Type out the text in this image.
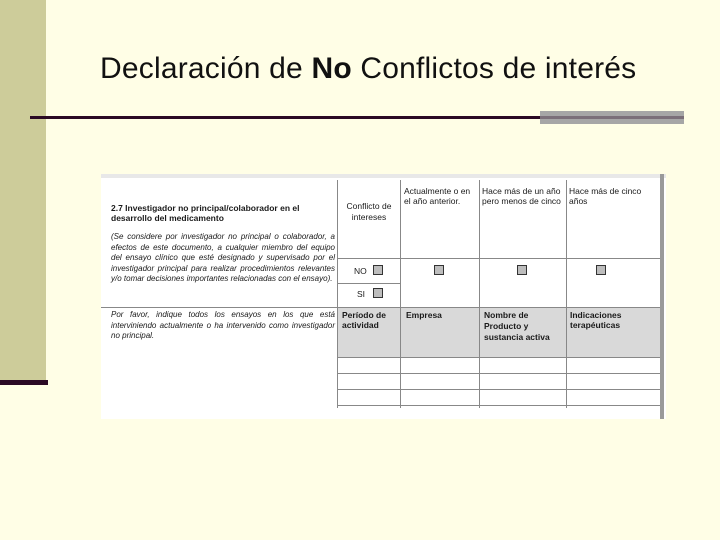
Declaración de No Conflictos de interés
2.7 Investigador no principal/colaborador en el desarrollo del medicamento
(Se considere por investigador no principal o colaborador, a efectos de este documento, a cualquier miembro del equipo del ensayo clínico que esté designado y supervisado por el investigador principal para realizar procedimientos relevantes y/o tomar decisiones importantes relacionadas con el ensayo).
Por favor, indique todos los ensayos en los que está interviniendo actualmente o ha intervenido como investigador no principal.
Conflicto de intereses
Actualmente o en el año anterior.
Hace más de un año pero menos de cinco
Hace más de cinco años
NO
SI
Período de actividad
Empresa	Nombre de Producto y sustancia activa
Indicaciones terapéuticas
